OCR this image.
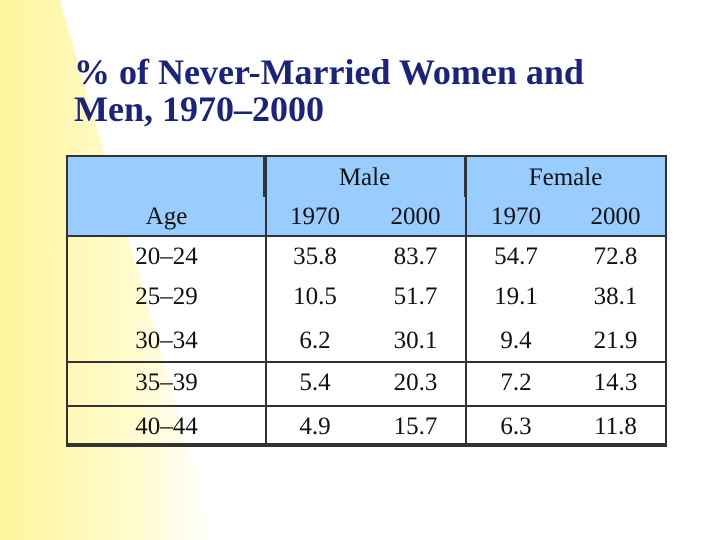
% of Never-Married Women and
Men, 1970–2000
Male	Female
Age	1970	2000	1970	2000
20–24	35.8	83.7	54.7	72.8
25–29	10.5	51.7	19.1	38.1
30–34	6.2	30.1	9.4	21.9
35–39	5.4	20.3	7.2	14.3
40–44	4.9	15.7	6.3	11.8
